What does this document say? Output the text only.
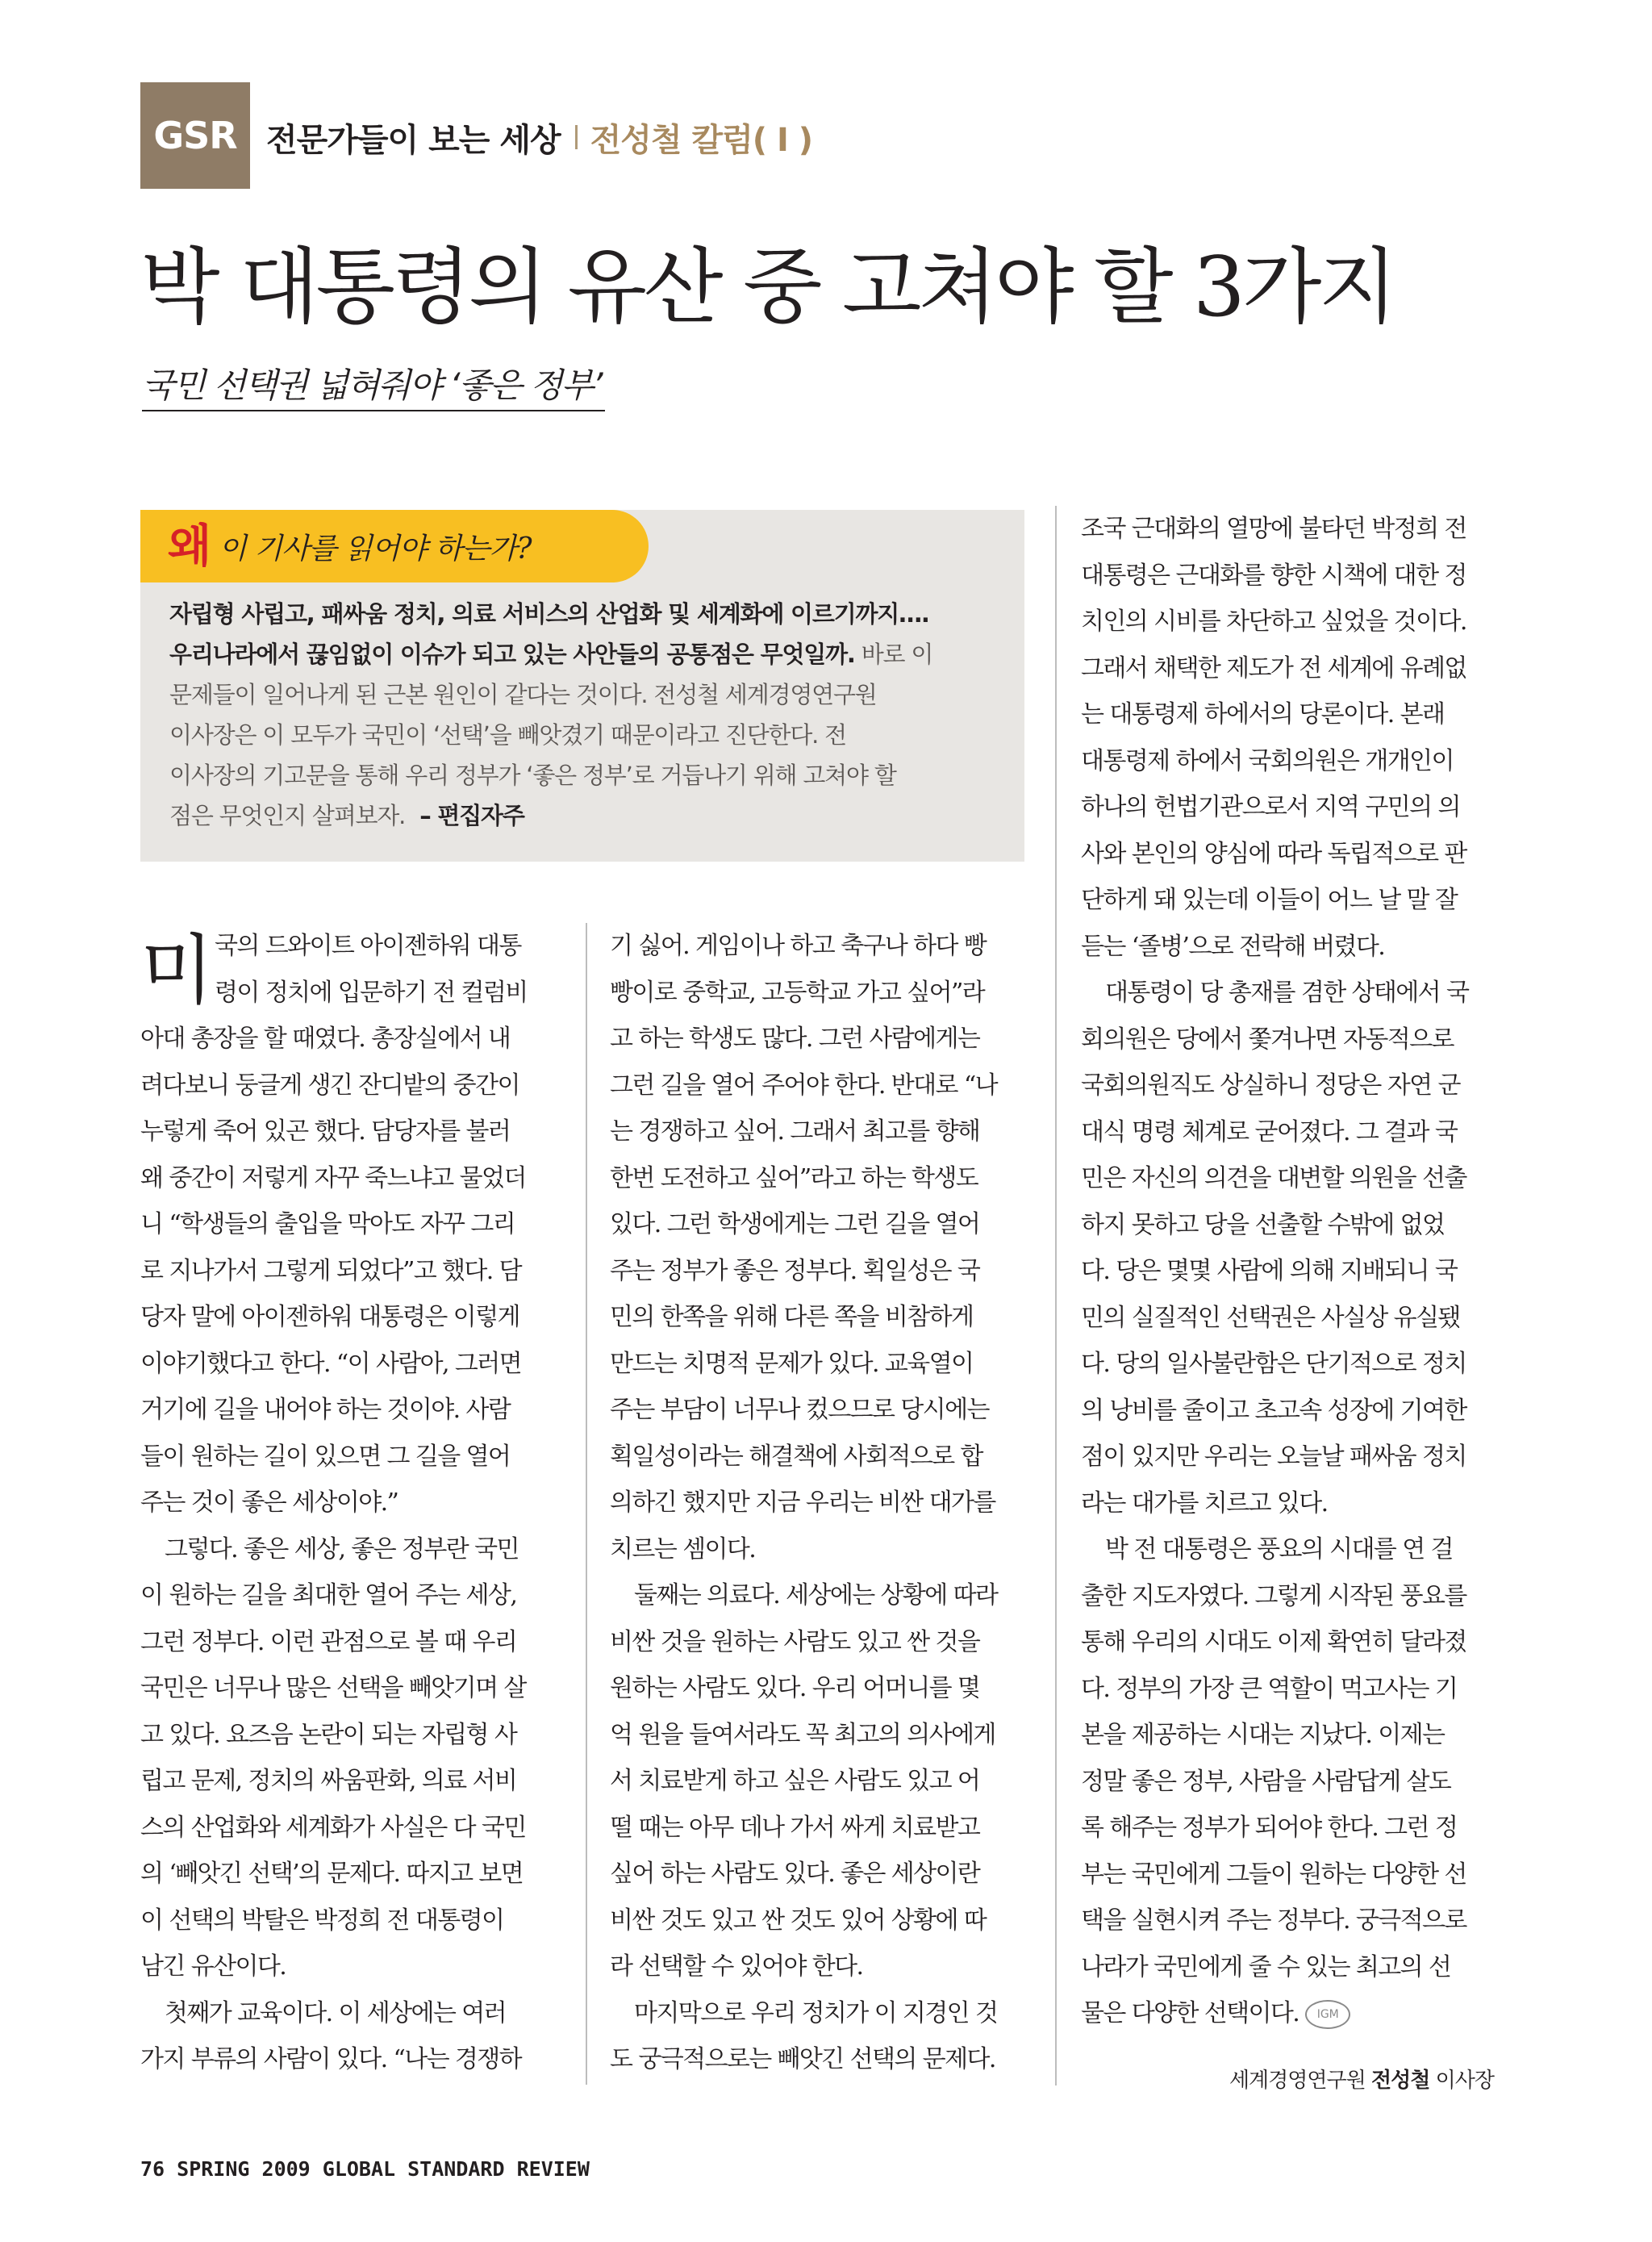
GSR 전문가들이 보는 세상 전성철 칼럼( I )
박 대통령의 유산 중 고쳐야 할 3가지
국민 선택권 넓혀줘야 ‘좋은 정부’
왜이 기사를 읽어야 하는가?
자립형 사립고, 패싸움 정치, 의료 서비스의 산업화 및 세계화에 이르기까지….
우리나라에서 끊임없이 이슈가 되고 있는 사안들의 공통점은 무엇일까. 바로 이
문제들이 일어나게 된 근본 원인이 같다는 것이다. 전성철 세계경영연구원
이사장은 이 모두가 국민이 ‘선택’을 빼앗겼기 때문이라고 진단한다. 전
이사장의 기고문을 통해 우리 정부가 ‘좋은 정부’로 거듭나기 위해 고쳐야 할
점은 무엇인지 살펴보자. – 편집자주
미 국의 드와이트 아이젠하워 대통
령이 정치에 입문하기 전 컬럼비
아대 총장을 할 때였다. 총장실에서 내
려다보니 둥글게 생긴 잔디밭의 중간이
누렇게 죽어 있곤 했다. 담당자를 불러
왜 중간이 저렇게 자꾸 죽느냐고 물었더
니 “학생들의 출입을 막아도 자꾸 그리
로 지나가서 그렇게 되었다”고 했다. 담
당자 말에 아이젠하워 대통령은 이렇게
이야기했다고 한다. “이 사람아, 그러면
거기에 길을 내어야 하는 것이야. 사람
들이 원하는 길이 있으면 그 길을 열어
주는 것이 좋은 세상이야.”
그렇다. 좋은 세상, 좋은 정부란 국민
이 원하는 길을 최대한 열어 주는 세상,
그런 정부다. 이런 관점으로 볼 때 우리
국민은 너무나 많은 선택을 빼앗기며 살
고 있다. 요즈음 논란이 되는 자립형 사
립고 문제, 정치의 싸움판화, 의료 서비
스의 산업화와 세계화가 사실은 다 국민
의 ‘빼앗긴 선택’의 문제다. 따지고 보면
이 선택의 박탈은 박정희 전 대통령이
남긴 유산이다.
첫째가 교육이다. 이 세상에는 여러
가지 부류의 사람이 있다. “나는 경쟁하
기 싫어. 게임이나 하고 축구나 하다 빵
빵이로 중학교, 고등학교 가고 싶어”라
고 하는 학생도 많다. 그런 사람에게는
그런 길을 열어 주어야 한다. 반대로 “나
는 경쟁하고 싶어. 그래서 최고를 향해
한번 도전하고 싶어”라고 하는 학생도
있다. 그런 학생에게는 그런 길을 열어
주는 정부가 좋은 정부다. 획일성은 국
민의 한쪽을 위해 다른 쪽을 비참하게
만드는 치명적 문제가 있다. 교육열이
주는 부담이 너무나 컸으므로 당시에는
획일성이라는 해결책에 사회적으로 합
의하긴 했지만 지금 우리는 비싼 대가를
치르는 셈이다.
둘째는 의료다. 세상에는 상황에 따라
비싼 것을 원하는 사람도 있고 싼 것을
원하는 사람도 있다. 우리 어머니를 몇
억 원을 들여서라도 꼭 최고의 의사에게
서 치료받게 하고 싶은 사람도 있고 어
떨 때는 아무 데나 가서 싸게 치료받고
싶어 하는 사람도 있다. 좋은 세상이란
비싼 것도 있고 싼 것도 있어 상황에 따
라 선택할 수 있어야 한다.
마지막으로 우리 정치가 이 지경인 것
도 궁극적으로는 빼앗긴 선택의 문제다.
조국 근대화의 열망에 불타던 박정희 전
대통령은 근대화를 향한 시책에 대한 정
치인의 시비를 차단하고 싶었을 것이다.
그래서 채택한 제도가 전 세계에 유례없
는 대통령제 하에서의 당론이다. 본래
대통령제 하에서 국회의원은 개개인이
하나의 헌법기관으로서 지역 구민의 의
사와 본인의 양심에 따라 독립적으로 판
단하게 돼 있는데 이들이 어느 날 말 잘
듣는 ‘졸병’으로 전락해 버렸다.
대통령이 당 총재를 겸한 상태에서 국
회의원은 당에서 쫓겨나면 자동적으로
국회의원직도 상실하니 정당은 자연 군
대식 명령 체계로 굳어졌다. 그 결과 국
민은 자신의 의견을 대변할 의원을 선출
하지 못하고 당을 선출할 수밖에 없었
다. 당은 몇몇 사람에 의해 지배되니 국
민의 실질적인 선택권은 사실상 유실됐
다. 당의 일사불란함은 단기적으로 정치
의 낭비를 줄이고 초고속 성장에 기여한
점이 있지만 우리는 오늘날 패싸움 정치
라는 대가를 치르고 있다.
박 전 대통령은 풍요의 시대를 연 걸
출한 지도자였다. 그렇게 시작된 풍요를
통해 우리의 시대도 이제 확연히 달라졌
다. 정부의 가장 큰 역할이 먹고사는 기
본을 제공하는 시대는 지났다. 이제는
정말 좋은 정부, 사람을 사람답게 살도
록 해주는 정부가 되어야 한다. 그런 정
부는 국민에게 그들이 원하는 다양한 선
택을 실현시켜 주는 정부다. 궁극적으로
나라가 국민에게 줄 수 있는 최고의 선
물은 다양한 선택이다. IGM
세계경영연구원 전성철 이사장
76 SPRING 2009 GLOBAL STANDARD REVIEW
